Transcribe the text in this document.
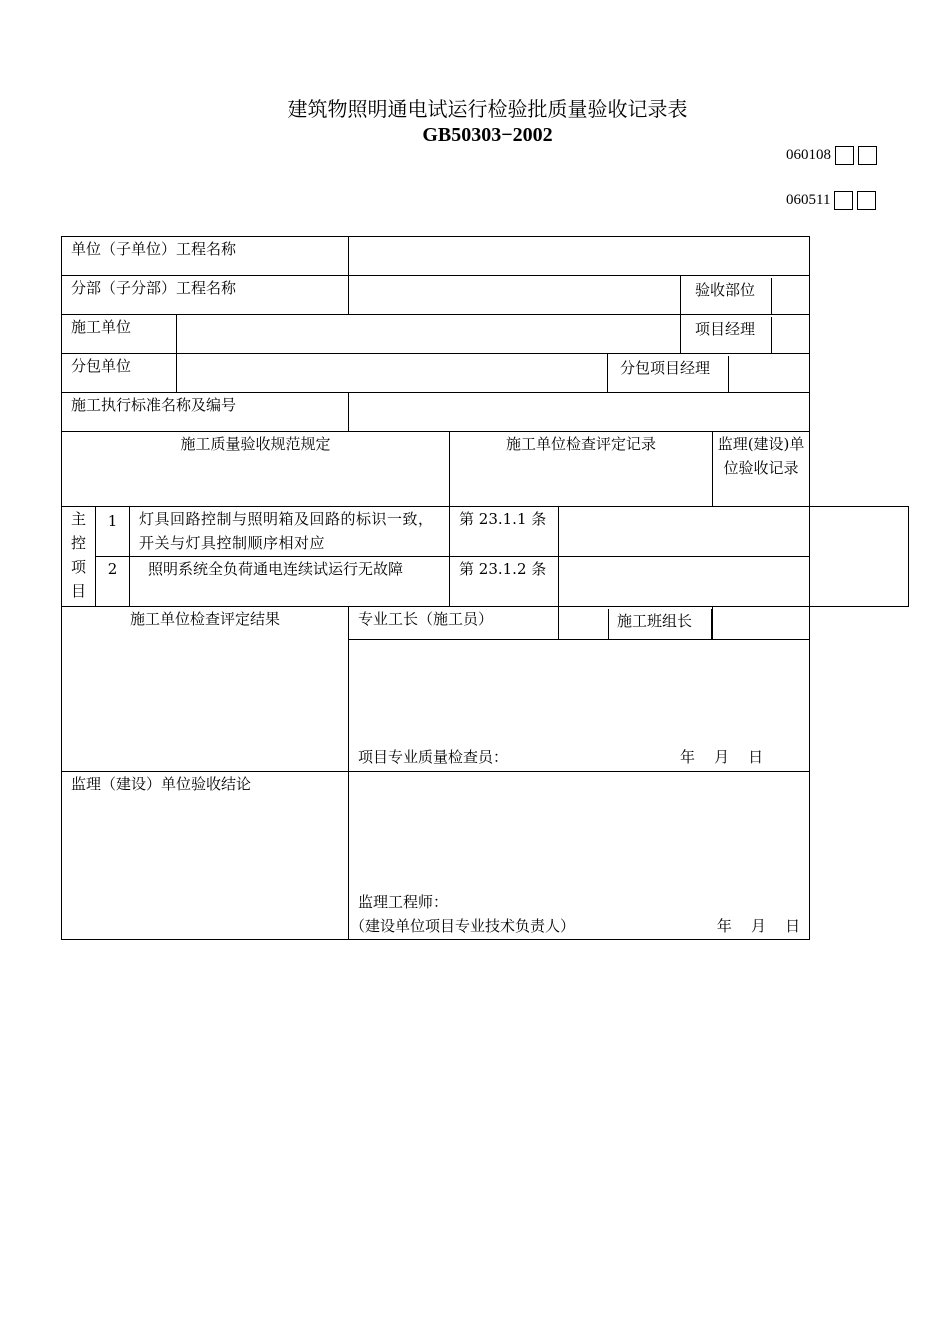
建筑物照明通电试运行检验批质量验收记录表
GB50303−2002
060108
060511
单位（子单位）工程名称										
分部（子分部）工程名称								验收部位		

施工单位								项目经理		

分包单位							分包项目经理			

施工执行标准名称及编号										
施工质量验收规范规定					施工单位检查评定记录				监理(建设)单位验收记录	

主控项目	1	灯具回路控制与照明箱及回路的标识一致，开关与灯具控制顺序相对应			第 23.1.1 条					
	2	照明系统全负荷通电连续试运行无故障			第 23.1.2 条					
施工单位检查评定结果				专业工长（施工员）					施工班组长	

				项目专业质量检查员： 年    月    日						

监理（建设）单位验收结论				监理工程师：
（建设单位项目专业技术负责人） 年    月    日						
